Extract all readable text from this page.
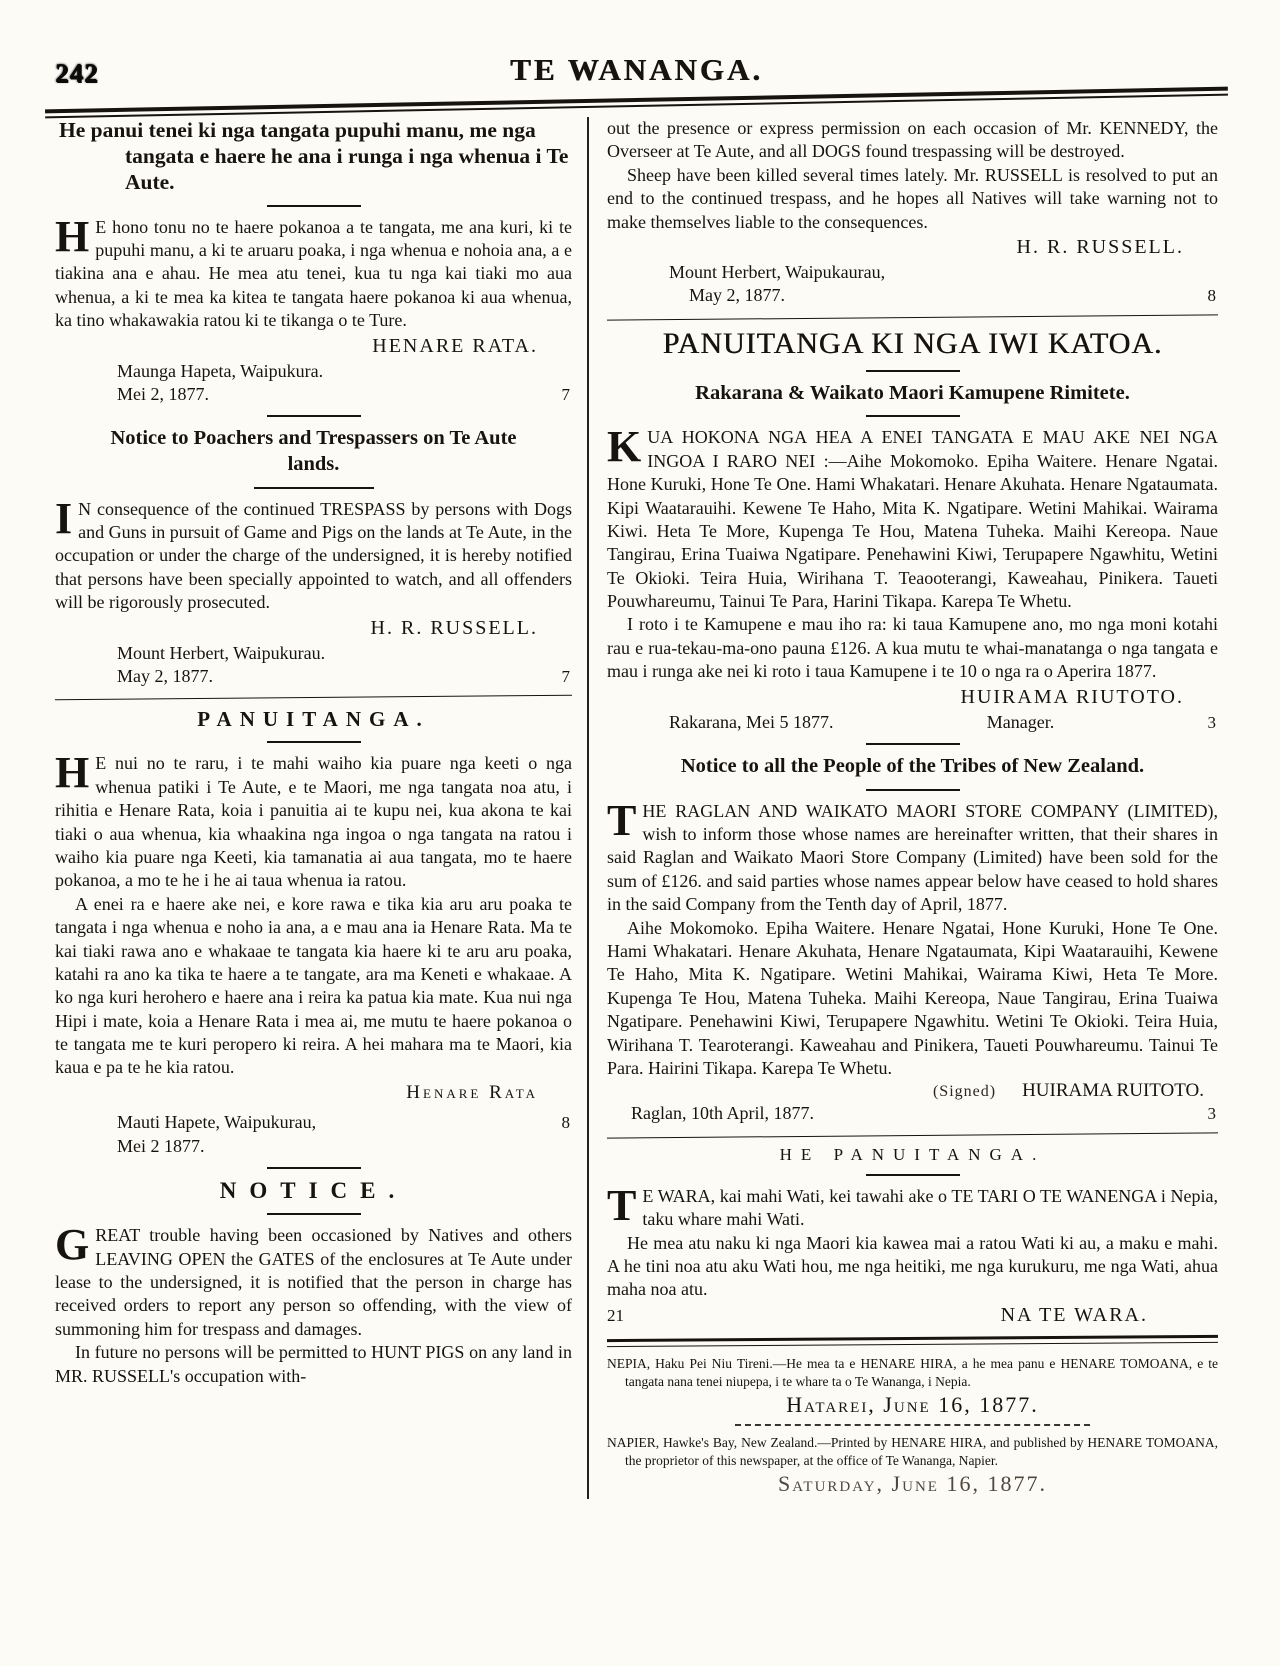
242	TE WANANGA.
He panui tenei ki nga tangata pupuhi manu, me nga tangata e haere he ana i runga i nga whenua i Te Aute.

H E hono tonu no te haere pokanoa a te tangata, me ana kuri, ki te pupuhi manu, a ki te aruaru poaka, i nga whenua e nohoia ana, a e tiakina ana e ahau. He mea atu tenei, kua tu nga kai tiaki mo aua whenua, a ki te mea ka kitea te tangata haere pokanoa ki aua whenua, ka tino whakawakia ratou ki te tikanga o te Ture.

HENARE RATA.

Maunga Hapeta, Waipukura.

Mei 2, 1877.	7
Notice to Poachers and Trespassers on Te Aute lands.

I N consequence of the continued TRESPASS by persons with Dogs and Guns in pursuit of Game and Pigs on the lands at Te Aute, in the occupation or under the charge of the undersigned, it is hereby notified that persons have been specially appointed to watch, and all offenders will be rigorously prosecuted.

H. R. RUSSELL.

Mount Herbert, Waipukurau.

May 2, 1877.	7
PANUITANGA.

H E nui no te raru, i te mahi waiho kia puare nga keeti o nga whenua patiki i Te Aute, e te Maori, me nga tangata noa atu, i rihitia e Henare Rata, koia i panuitia ai te kupu nei, kua akona te kai tiaki o aua whenua, kia whaakina nga ingoa o nga tangata na ratou i waiho kia puare nga Keeti, kia tamanatia ai aua tangata, mo te haere pokanoa, a mo te he i he ai taua whenua ia ratou.

A enei ra e haere ake nei, e kore rawa e tika kia aru aru poaka te tangata i nga whenua e noho ia ana, a e mau ana ia Henare Rata. Ma te kai tiaki rawa ano e whakaae te tangata kia haere ki te aru aru poaka, katahi ra ano ka tika te haere a te tangate, ara ma Keneti e whakaae. A ko nga kuri herohero e haere ana i reira ka patua kia mate. Kua nui nga Hipi i mate, koia a Henare Rata i mea ai, me mutu te haere pokanoa o te tangata me te kuri peropero ki reira. A hei mahara ma te Maori, kia kaua e pa te he kia ratou.

Henare Rata

Mauti Hapete, Waipukurau,	8

Mei 2 1877.

NOTICE.

GREAT trouble having been occasioned by Natives and others LEAVING OPEN the GATES of the enclosures at Te Aute under lease to the undersigned, it is notified that the person in charge has received orders to report any person so offending, with the view of summoning him for trespass and damages.

In future no persons will be permitted to HUNT PIGS on any land in MR. RUSSELL's occupation with-

out the presence or express permission on each occasion of Mr. KENNEDY, the Overseer at Te Aute, and all DOGS found trespassing will be destroyed.

Sheep have been killed several times lately. Mr. RUSSELL is resolved to put an end to the continued trespass, and he hopes all Natives will take warning not to make themselves liable to the consequences.

H. R. RUSSELL.

Mount Herbert, Waipukaurau,

May 2, 1877.	8
PANUITANGA KI NGA IWI KATOA.
Rakarana & Waikato Maori Kamupene Rimitete.

KUA HOKONA NGA HEA A ENEI TANGATA E MAU AKE NEI NGA INGOA I RARO NEI :—Aihe Mokomoko. Epiha Waitere. Henare Ngatai. Hone Kuruki, Hone Te One. Hami Whakatari. Henare Akuhata. Henare Ngataumata. Kipi Waatarauihi. Kewene Te Haho, Mita K. Ngatipare. Wetini Mahikai. Wairama Kiwi. Heta Te More, Kupenga Te Hou, Matena Tuheka. Maihi Kereopa. Naue Tangirau, Erina Tuaiwa Ngatipare. Penehawini Kiwi, Terupapere Ngawhitu, Wetini Te Okioki. Teira Huia, Wirihana T. Teaooterangi, Kaweahau, Pinikera. Taueti Pouwhareumu, Tainui Te Para, Harini Tikapa. Karepa Te Whetu.

I roto i te Kamupene e mau iho ra: ki taua Kamupene ano, mo nga moni kotahi rau e rua-tekau-ma-ono pauna £126. A kua mutu te whai-manatanga o nga tangata e mau i runga ake nei ki roto i taua Kamupene i te 10 o nga ra o Aperira 1877.

HUIRAMA RIUTOTO.

Rakarana, Mei 5 1877.	Manager.	3
Notice to all the People of the Tribes of New Zealand.

THE RAGLAN AND WAIKATO MAORI STORE COMPANY (LIMITED), wish to inform those whose names are hereinafter written, that their shares in said Raglan and Waikato Maori Store Company (Limited) have been sold for the sum of £126. and said parties whose names appear below have ceased to hold shares in the said Company from the Tenth day of April, 1877.

Aihe Mokomoko. Epiha Waitere. Henare Ngatai, Hone Kuruki, Hone Te One. Hami Whakatari. Henare Akuhata, Henare Ngataumata, Kipi Waatarauihi, Kewene Te Haho, Mita K. Ngatipare. Wetini Mahikai, Wairama Kiwi, Heta Te More. Kupenga Te Hou, Matena Tuheka. Maihi Kereopa, Naue Tangirau, Erina Tuaiwa Ngatipare. Penehawini Kiwi, Terupapere Ngawhitu. Wetini Te Okioki. Teira Huia, Wirihana T. Tearoterangi. Kaweahau and Pinikera, Taueti Pouwhareumu. Tainui Te Para. Hairini Tikapa. Karepa Te Whetu.

(Signed) HUIRAMA RUITOTO.
Raglan, 10th April, 1877.	3
HE PANUITANGA.

T E WARA, kai mahi Wati, kei tawahi ake o TE TARI O TE WANENGA i Nepia, taku whare mahi Wati.

He mea atu naku ki nga Maori kia kawea mai a ratou Wati ki au, a maku e mahi. A he tini noa atu aku Wati hou, me nga heitiki, me nga kurukuru, me nga Wati, ahua maha noa atu.

21	NA TE WARA.

NEPIA, Haku Pei Niu Tireni.—He mea ta e HENARE HIRA, a he mea panu e HENARE TOMOANA, e te tangata nana tenei niupepa, i te whare ta o Te Wananga, i Nepia.

Hatarei, June 16, 1877.

NAPIER, Hawke's Bay, New Zealand.—Printed by HENARE HIRA, and published by HENARE TOMOANA, the proprietor of this newspaper, at the office of Te Wananga, Napier.

Saturday, June 16, 1877.
